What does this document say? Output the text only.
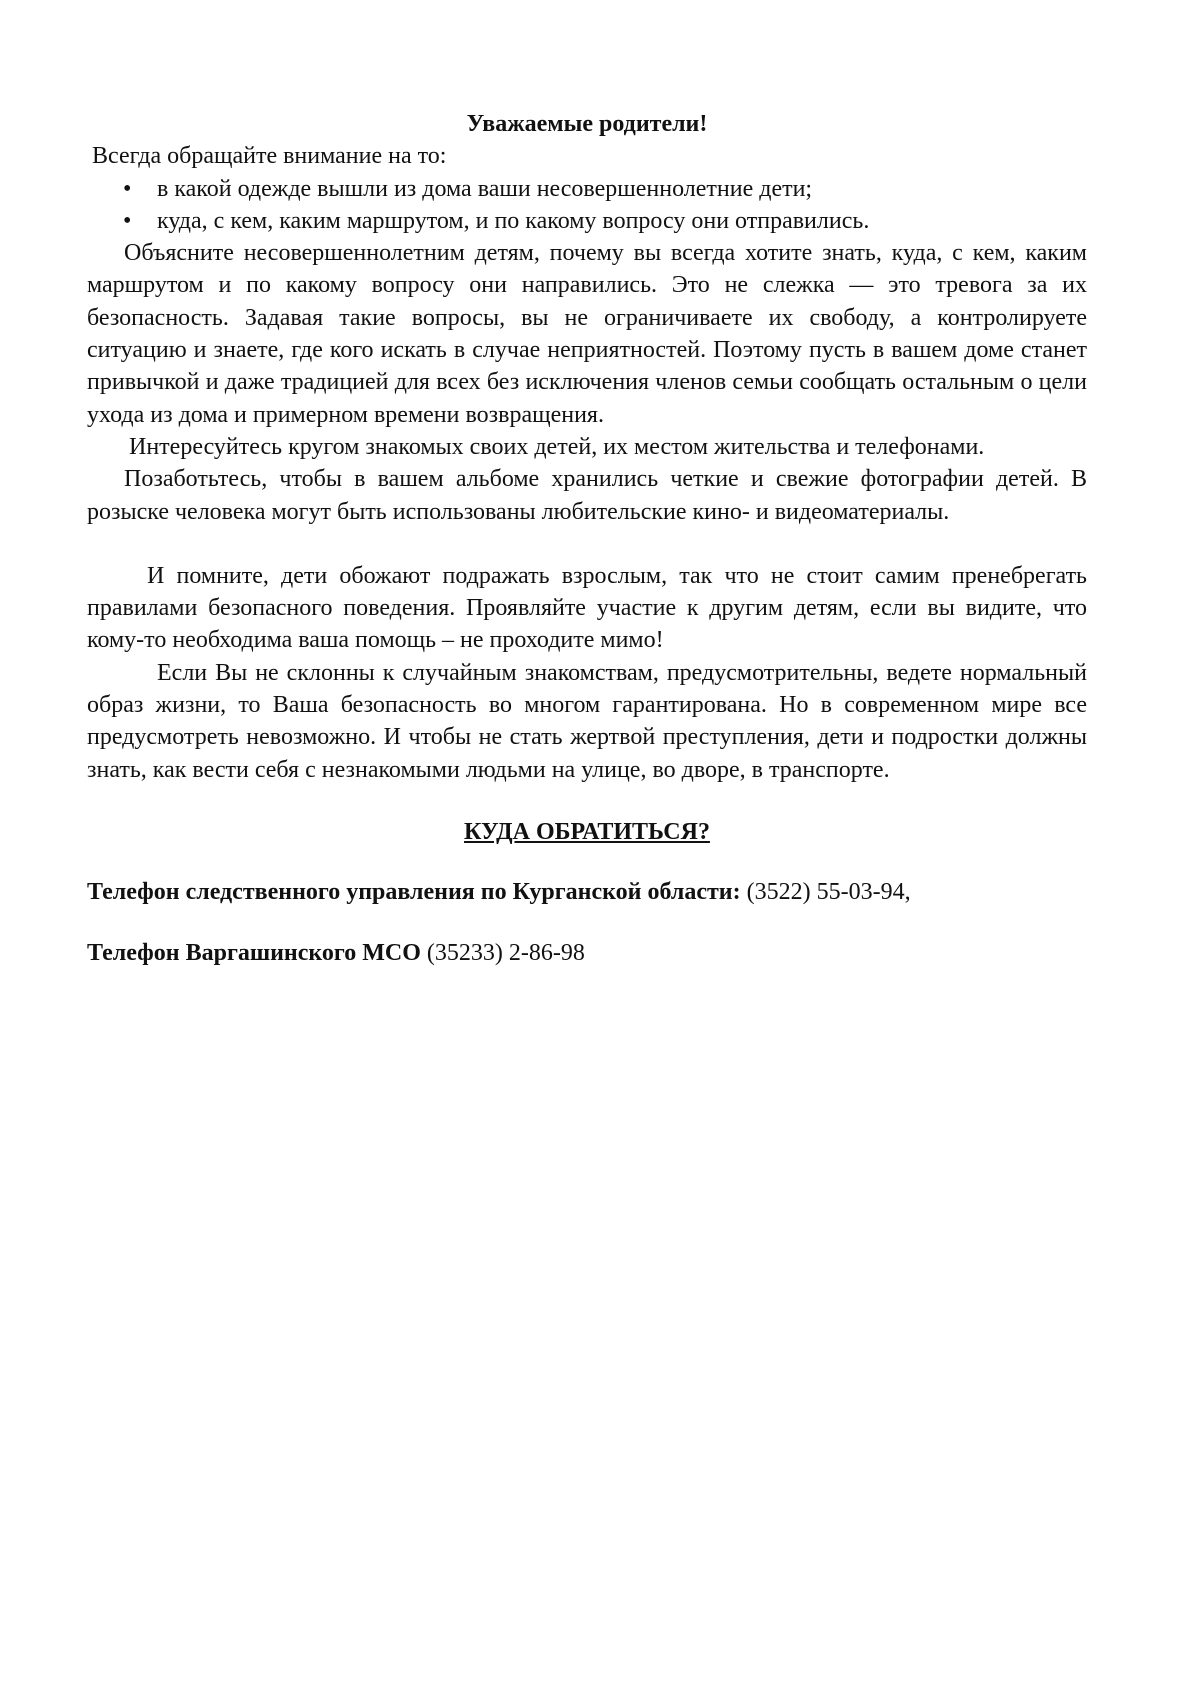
Уважаемые родители!
Всегда обращайте внимание на то:
• в какой одежде вышли из дома ваши несовершеннолетние дети;
• куда, с кем, каким маршрутом, и по какому вопросу они отправились.

Объясните несовершеннолетним детям, почему вы всегда хотите знать, куда, с кем, каким маршрутом и по какому вопросу они направились. Это не слежка — это тревога за их безопасность. Задавая такие вопросы, вы не ограничиваете их свободу, а контролируете ситуацию и знаете, где кого искать в случае неприятностей. Поэтому пусть в вашем доме станет привычкой и даже традицией для всех без исключения членов семьи сообщать остальным о цели ухода из дома и примерном времени возвращения.

Интересуйтесь кругом знакомых своих детей, их местом жительства и телефонами.

Позаботьтесь, чтобы в вашем альбоме хранились четкие и свежие фотографии детей. В розыске человека могут быть использованы любительские кино- и видеоматериалы.

И помните, дети обожают подражать взрослым, так что не стоит самим пренебрегать правилами безопасного поведения. Проявляйте участие к другим детям, если вы видите, что кому-то необходима ваша помощь – не проходите мимо!

Если Вы не склонны к случайным знакомствам, предусмотрительны, ведете нормальный образ жизни, то Ваша безопасность во многом гарантирована. Но в современном мире все предусмотреть невозможно. И чтобы не стать жертвой преступления, дети и подростки должны знать, как вести себя с незнакомыми людьми на улице, во дворе, в транспорте.

КУДА ОБРАТИТЬСЯ?

Телефон следственного управления по Курганской области: (3522) 55-03-94,

Телефон Варгашинского МСО (35233) 2-86-98
